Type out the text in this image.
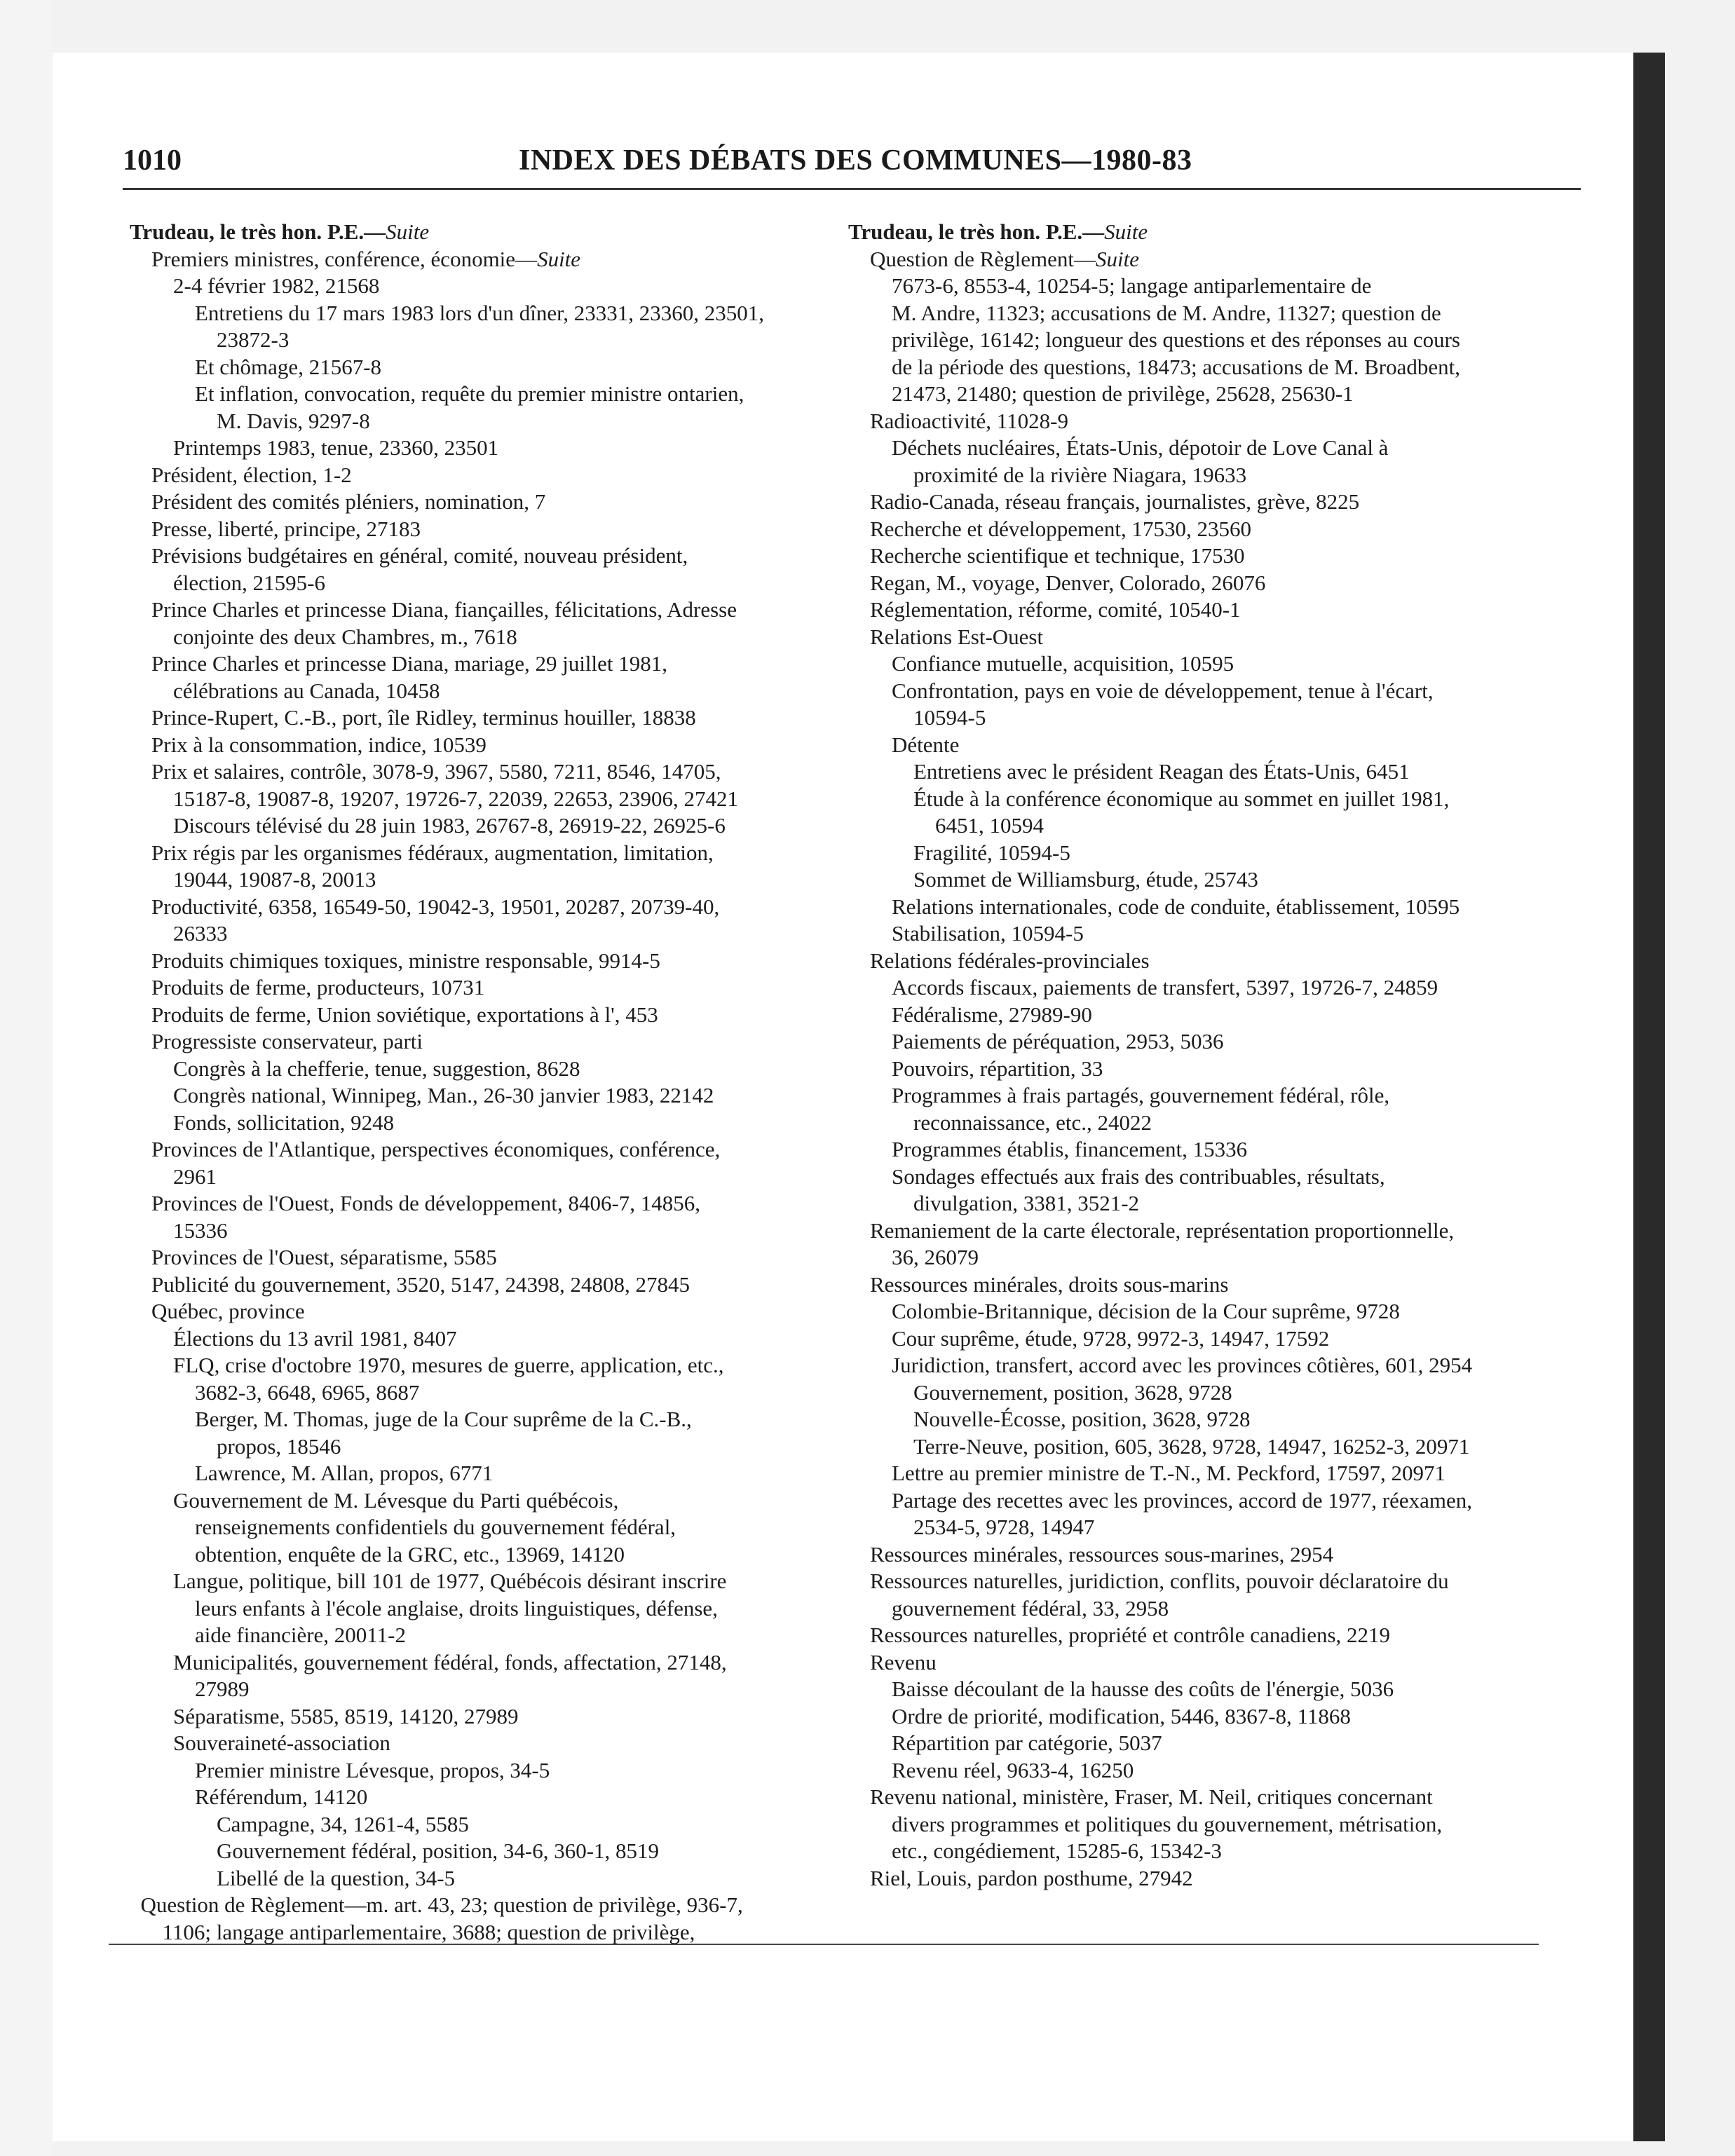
1010	INDEX DES DÉBATS DES COMMUNES—1980-83
Trudeau, le très hon. P.E.—Suite
Premiers ministres, conférence, économie—Suite
2-4 février 1982, 21568
Entretiens du 17 mars 1983 lors d'un dîner, 23331, 23360, 23501,
23872-3
Et chômage, 21567-8
Et inflation, convocation, requête du premier ministre ontarien,
M. Davis, 9297-8
Printemps 1983, tenue, 23360, 23501
Président, élection, 1-2
Président des comités pléniers, nomination, 7
Presse, liberté, principe, 27183
Prévisions budgétaires en général, comité, nouveau président,
élection, 21595-6
Prince Charles et princesse Diana, fiançailles, félicitations, Adresse
conjointe des deux Chambres, m., 7618
Prince Charles et princesse Diana, mariage, 29 juillet 1981,
célébrations au Canada, 10458
Prince-Rupert, C.-B., port, île Ridley, terminus houiller, 18838
Prix à la consommation, indice, 10539
Prix et salaires, contrôle, 3078-9, 3967, 5580, 7211, 8546, 14705,
15187-8, 19087-8, 19207, 19726-7, 22039, 22653, 23906, 27421
Discours télévisé du 28 juin 1983, 26767-8, 26919-22, 26925-6
Prix régis par les organismes fédéraux, augmentation, limitation,
19044, 19087-8, 20013
Productivité, 6358, 16549-50, 19042-3, 19501, 20287, 20739-40,
26333
Produits chimiques toxiques, ministre responsable, 9914-5
Produits de ferme, producteurs, 10731
Produits de ferme, Union soviétique, exportations à l', 453
Progressiste conservateur, parti
Congrès à la chefferie, tenue, suggestion, 8628
Congrès national, Winnipeg, Man., 26-30 janvier 1983, 22142
Fonds, sollicitation, 9248
Provinces de l'Atlantique, perspectives économiques, conférence,
2961
Provinces de l'Ouest, Fonds de développement, 8406-7, 14856,
15336
Provinces de l'Ouest, séparatisme, 5585
Publicité du gouvernement, 3520, 5147, 24398, 24808, 27845
Québec, province
Élections du 13 avril 1981, 8407
FLQ, crise d'octobre 1970, mesures de guerre, application, etc.,
3682-3, 6648, 6965, 8687
Berger, M. Thomas, juge de la Cour suprême de la C.-B.,
propos, 18546
Lawrence, M. Allan, propos, 6771
Gouvernement de M. Lévesque du Parti québécois,
renseignements confidentiels du gouvernement fédéral,
obtention, enquête de la GRC, etc., 13969, 14120
Langue, politique, bill 101 de 1977, Québécois désirant inscrire
leurs enfants à l'école anglaise, droits linguistiques, défense,
aide financière, 20011-2
Municipalités, gouvernement fédéral, fonds, affectation, 27148,
27989
Séparatisme, 5585, 8519, 14120, 27989
Souveraineté-association
Premier ministre Lévesque, propos, 34-5
Référendum, 14120
Campagne, 34, 1261-4, 5585
Gouvernement fédéral, position, 34-6, 360-1, 8519
Libellé de la question, 34-5
Question de Règlement—m. art. 43, 23; question de privilège, 936-7,
1106; langage antiparlementaire, 3688; question de privilège,
Trudeau, le très hon. P.E.—Suite
Question de Règlement—Suite
7673-6, 8553-4, 10254-5; langage antiparlementaire de
M. Andre, 11323; accusations de M. Andre, 11327; question de
privilège, 16142; longueur des questions et des réponses au cours
de la période des questions, 18473; accusations de M. Broadbent,
21473, 21480; question de privilège, 25628, 25630-1
Radioactivité, 11028-9
Déchets nucléaires, États-Unis, dépotoir de Love Canal à
proximité de la rivière Niagara, 19633
Radio-Canada, réseau français, journalistes, grève, 8225
Recherche et développement, 17530, 23560
Recherche scientifique et technique, 17530
Regan, M., voyage, Denver, Colorado, 26076
Réglementation, réforme, comité, 10540-1
Relations Est-Ouest
Confiance mutuelle, acquisition, 10595
Confrontation, pays en voie de développement, tenue à l'écart,
10594-5
Détente
Entretiens avec le président Reagan des États-Unis, 6451
Étude à la conférence économique au sommet en juillet 1981,
6451, 10594
Fragilité, 10594-5
Sommet de Williamsburg, étude, 25743
Relations internationales, code de conduite, établissement, 10595
Stabilisation, 10594-5
Relations fédérales-provinciales
Accords fiscaux, paiements de transfert, 5397, 19726-7, 24859
Fédéralisme, 27989-90
Paiements de péréquation, 2953, 5036
Pouvoirs, répartition, 33
Programmes à frais partagés, gouvernement fédéral, rôle,
reconnaissance, etc., 24022
Programmes établis, financement, 15336
Sondages effectués aux frais des contribuables, résultats,
divulgation, 3381, 3521-2
Remaniement de la carte électorale, représentation proportionnelle,
36, 26079
Ressources minérales, droits sous-marins
Colombie-Britannique, décision de la Cour suprême, 9728
Cour suprême, étude, 9728, 9972-3, 14947, 17592
Juridiction, transfert, accord avec les provinces côtières, 601, 2954
Gouvernement, position, 3628, 9728
Nouvelle-Écosse, position, 3628, 9728
Terre-Neuve, position, 605, 3628, 9728, 14947, 16252-3, 20971
Lettre au premier ministre de T.-N., M. Peckford, 17597, 20971
Partage des recettes avec les provinces, accord de 1977, réexamen,
2534-5, 9728, 14947
Ressources minérales, ressources sous-marines, 2954
Ressources naturelles, juridiction, conflits, pouvoir déclaratoire du
gouvernement fédéral, 33, 2958
Ressources naturelles, propriété et contrôle canadiens, 2219
Revenu
Baisse découlant de la hausse des coûts de l'énergie, 5036
Ordre de priorité, modification, 5446, 8367-8, 11868
Répartition par catégorie, 5037
Revenu réel, 9633-4, 16250
Revenu national, ministère, Fraser, M. Neil, critiques concernant
divers programmes et politiques du gouvernement, métrisation,
etc., congédiement, 15285-6, 15342-3
Riel, Louis, pardon posthume, 27942
